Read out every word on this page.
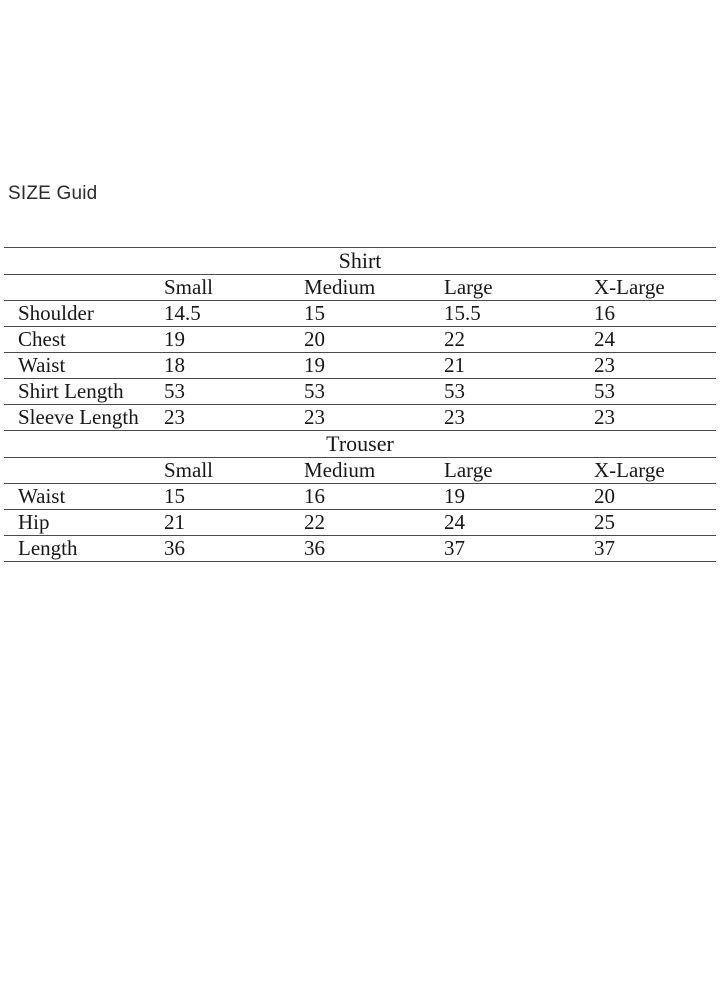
SIZE Guid

Shirt				

	Small	Medium	Large	X-Large

Shoulder	14.5	15	15.5	16

Chest	19	20	22	24

Waist	18	19	21	23

Shirt Length	53	53	53	53

Sleeve Length	23	23	23	23

Trouser				

	Small	Medium	Large	X-Large

Waist	15	16	19	20

Hip	21	22	24	25

Length	36	36	37	37
